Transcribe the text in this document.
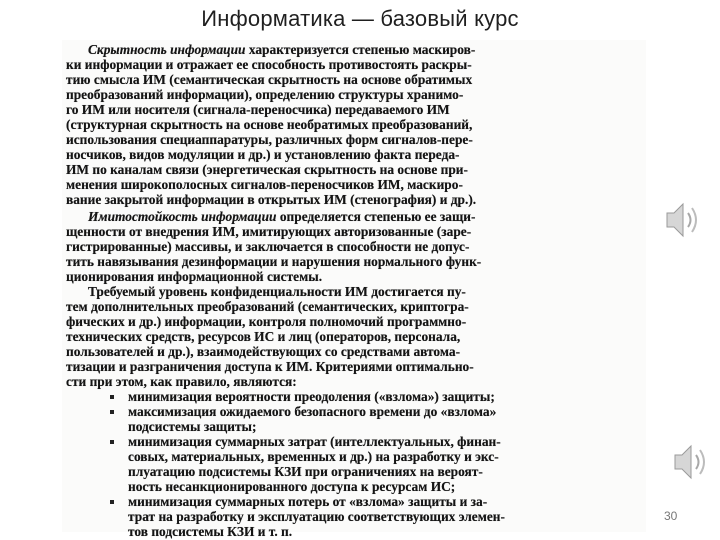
Информатика — базовый курс
Скрытность информации характеризуется степенью маскиров-
ки информации и отражает ее способность противостоять раскры-
тию смысла ИМ (семантическая скрытность на основе обратимых
преобразований информации), определению структуры хранимо-
го ИМ или носителя (сигнала-переносчика) передаваемого ИМ
(структурная скрытность на основе необратимых преобразований,
использования специаппаратуры, различных форм сигналов-пере-
носчиков, видов модуляции и др.) и установлению факта переда-
ИМ по каналам связи (энергетическая скрытность на основе при-
менения широкополосных сигналов-переносчиков ИМ, маскиро-
вание закрытой информации в открытых ИМ (стенография) и др.).
Имитостойкость информации определяется степенью ее защи-
щенности от внедрения ИМ, имитирующих авторизованные (заре-
гистрированные) массивы, и заключается в способности не допус-
тить навязывания дезинформации и нарушения нормального функ-
ционирования информационной системы.
Требуемый уровень конфиденциальности ИМ достигается пу-
тем дополнительных преобразований (семантических, криптогра-
фических и др.) информации, контроля полномочий программно-
технических средств, ресурсов ИС и лиц (операторов, персонала,
пользователей и др.), взаимодействующих со средствами автома-
тизации и разграничения доступа к ИМ. Критериями оптимально-
сти при этом, как правило, являются:
минимизация вероятности преодоления («взлома») защиты;
максимизация ожидаемого безопасного времени до «взлома»
подсистемы защиты;
минимизация суммарных затрат (интеллектуальных, финан-
совых, материальных, временных и др.) на разработку и экс-
плуатацию подсистемы КЗИ при ограничениях на вероят-
ность несанкционированного доступа к ресурсам ИС;
минимизация суммарных потерь от «взлома» защиты и за-
трат на разработку и эксплуатацию соответствующих элемен-
тов подсистемы КЗИ и т. п.
30
